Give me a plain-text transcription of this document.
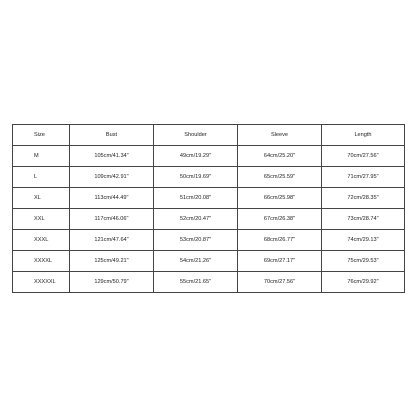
Size	Bust	Shoulder	Sleeve	Length
M	105cm/41.34"	49cm/19.29"	64cm/25.20"	70cm/27.56"
L	109cm/42.91"	50cm/19.69"	65cm/25.59"	71cm/27.95"
XL	113cm/44.49"	51cm/20.08"	66cm/25.98"	72cm/28.35"
XXL	117cm/46.06"	52cm/20.47"	67cm/26.38"	73cm/28.74"
XXXL	121cm/47.64"	53cm/20.87"	68cm/26.77"	74cm/29.13"
XXXXL	125cm/49.21"	54cm/21.26"	69cm/27.17"	75cm/29.53"
XXXXXL	129cm/50.79"	55cm/21.65"	70cm/27.56"	76cm/29.92"
